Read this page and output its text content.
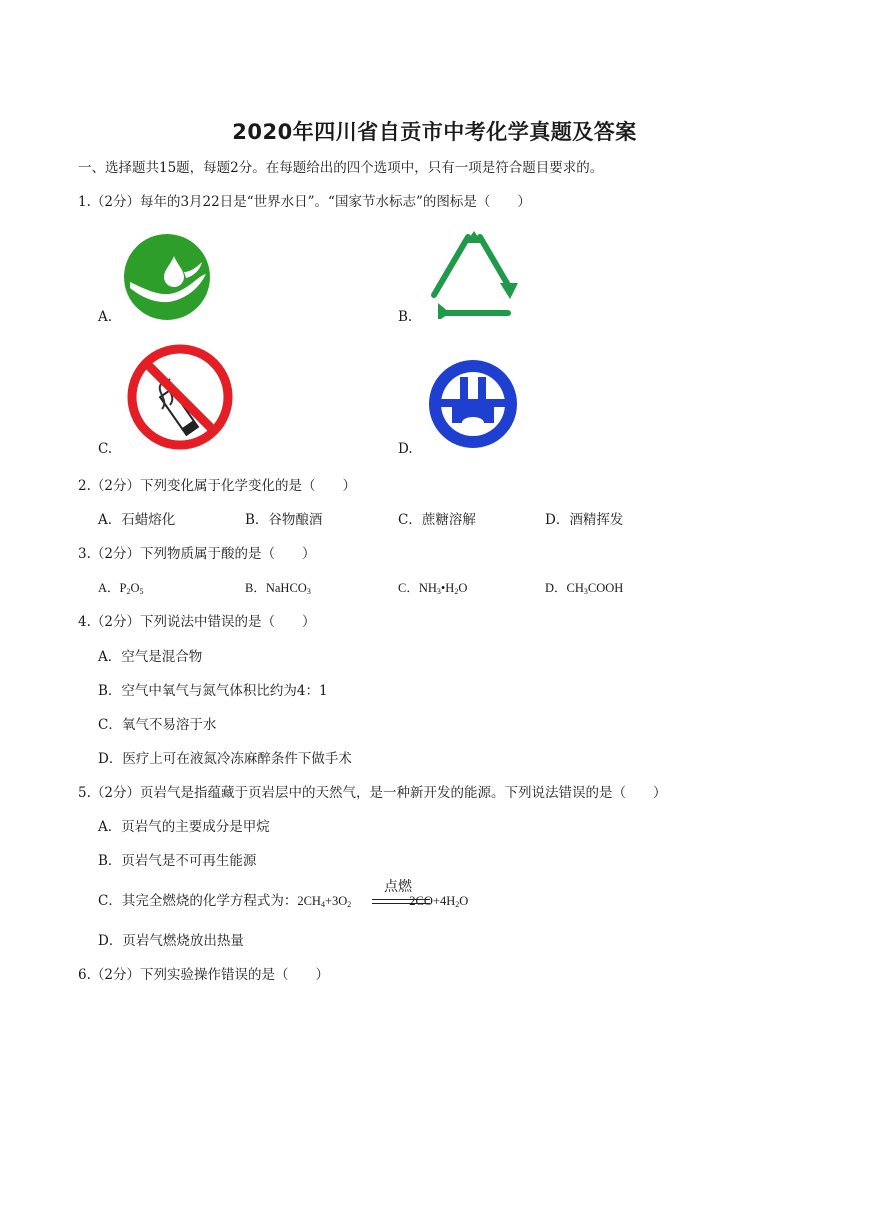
2020年四川省自贡市中考化学真题及答案
一、选择题共15题，每题2分。在每题给出的四个选项中，只有一项是符合题目要求的。
1.（2分）每年的3月22日是“世界水日”。“国家节水标志”的图标是（　　）
A.	B.
C.	D.
2.（2分）下列变化属于化学变化的是（　　）
A．石蜡熔化	B．谷物酿酒	C．蔗糖溶解	D．酒精挥发
3.（2分）下列物质属于酸的是（　　）
A．$P_2O_5$	B．NaHCO$_3$	C．$NH_3•H_2O$	D．$CH_3COOH$
4.（2分）下列说法中错误的是（　　）
A．空气是混合物
B．空气中氧气与氮气体积比约为4：1
C．氧气不易溶于水
D．医疗上可在液氮冷冻麻醉条件下做手术
5.（2分）页岩气是指蕴藏于页岩层中的天然气，是一种新开发的能源。下列说法错误的是（　　）
A．页岩气的主要成分是甲烷
B．页岩气是不可再生能源
C．其完全燃烧的化学方程式为：$2CH_4+3O_2$	$2CO+4H_2O$
点燃
D．页岩气燃烧放出热量
6.（2分）下列实验操作错误的是（　　）
